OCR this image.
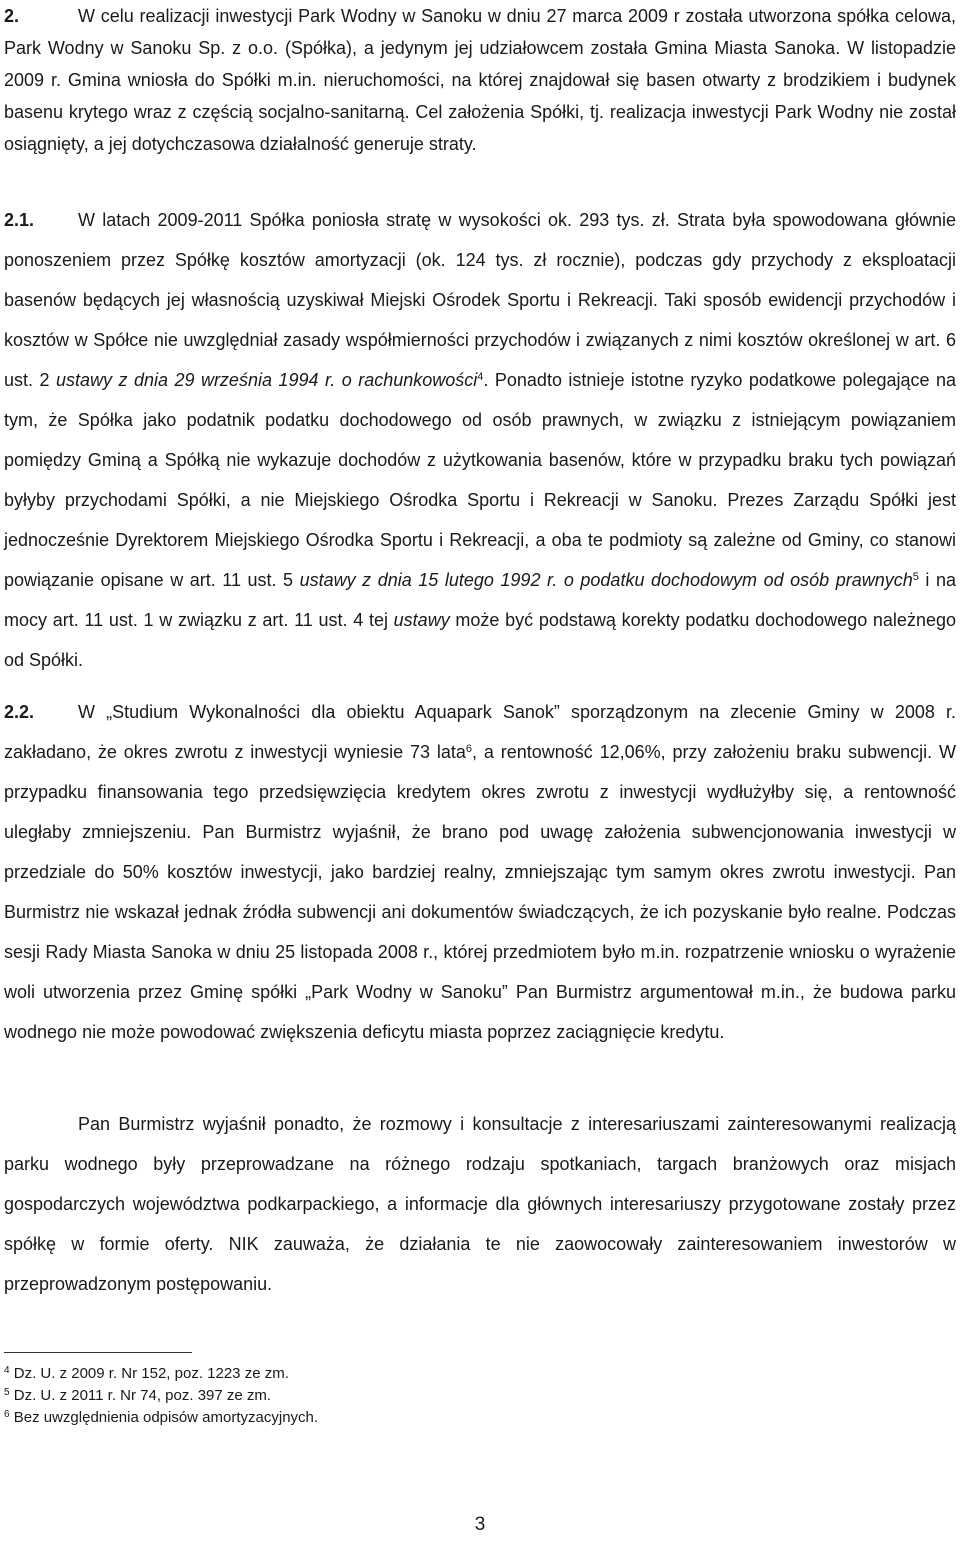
2.	W celu realizacji inwestycji Park Wodny w Sanoku w dniu 27 marca 2009 r została utworzona spółka celowa, Park Wodny w Sanoku Sp. z o.o. (Spółka), a jedynym jej udziałowcem została Gmina Miasta Sanoka. W listopadzie 2009 r. Gmina wniosła do Spółki m.in. nieruchomości, na której znajdował się basen otwarty z brodzikiem i budynek basenu krytego wraz z częścią socjalno-sanitarną. Cel założenia Spółki, tj. realizacja inwestycji Park Wodny nie został osiągnięty, a jej dotychczasowa działalność generuje straty.

2.1. W latach 2009-2011 Spółka poniosła stratę w wysokości ok. 293 tys. zł. Strata była spowodowana głównie ponoszeniem przez Spółkę kosztów amortyzacji (ok. 124 tys. zł rocznie), podczas gdy przychody z eksploatacji basenów będących jej własnością uzyskiwał Miejski Ośrodek Sportu i Rekreacji. Taki sposób ewidencji przychodów i kosztów w Spółce nie uwzględniał zasady współmierności przychodów i związanych z nimi kosztów określonej w art. 6 ust. 2 ustawy z dnia 29 września 1994 r. o rachunkowości$^4$. Ponadto istnieje istotne ryzyko podatkowe polegające na tym, że Spółka jako podatnik podatku dochodowego od osób prawnych, w związku z istniejącym powiązaniem pomiędzy Gminą a Spółką nie wykazuje dochodów z użytkowania basenów, które w przypadku braku tych powiązań byłyby przychodami Spółki, a nie Miejskiego Ośrodka Sportu i Rekreacji w Sanoku. Prezes Zarządu Spółki jest jednocześnie Dyrektorem Miejskiego Ośrodka Sportu i Rekreacji, a oba te podmioty są zależne od Gminy, co stanowi powiązanie opisane w art. 11 ust. 5 ustawy z dnia 15 lutego 1992 r. o podatku dochodowym od osób prawnych$^5$ i na mocy art. 11 ust. 1 w związku z art. 11 ust. 4 tej ustawy może być podstawą korekty podatku dochodowego należnego od Spółki.

2.2. W „Studium Wykonalności dla obiektu Aquapark Sanok” sporządzonym na zlecenie Gminy w 2008 r. zakładano, że okres zwrotu z inwestycji wyniesie 73 lata$^6$, a rentowność 12,06%, przy założeniu braku subwencji. W przypadku finansowania tego przedsięwzięcia kredytem okres zwrotu z inwestycji wydłużyłby się, a rentowność uległaby zmniejszeniu. Pan Burmistrz wyjaśnił, że brano pod uwagę założenia subwencjonowania inwestycji w przedziale do 50% kosztów inwestycji, jako bardziej realny, zmniejszając tym samym okres zwrotu inwestycji. Pan Burmistrz nie wskazał jednak źródła subwencji ani dokumentów świadczących, że ich pozyskanie było realne. Podczas sesji Rady Miasta Sanoka w dniu 25 listopada 2008 r., której przedmiotem było m.in. rozpatrzenie wniosku o wyrażenie woli utworzenia przez Gminę spółki „Park Wodny w Sanoku” Pan Burmistrz argumentował m.in., że budowa parku wodnego nie może powodować zwiększenia deficytu miasta poprzez zaciągnięcie kredytu.

Pan Burmistrz wyjaśnił ponadto, że rozmowy i konsultacje z interesariuszami zainteresowanymi realizacją parku wodnego były przeprowadzane na różnego rodzaju spotkaniach, targach branżowych oraz misjach gospodarczych województwa podkarpackiego, a informacje dla głównych interesariuszy przygotowane zostały przez spółkę w formie oferty. NIK zauważa, że działania te nie zaowocowały zainteresowaniem inwestorów w przeprowadzonym postępowaniu.

$^4$ Dz. U. z 2009 r. Nr 152, poz. 1223 ze zm.
$^5$ Dz. U. z 2011 r. Nr 74, poz. 397 ze zm.
$^6$ Bez uwzględnienia odpisów amortyzacyjnych.
3
